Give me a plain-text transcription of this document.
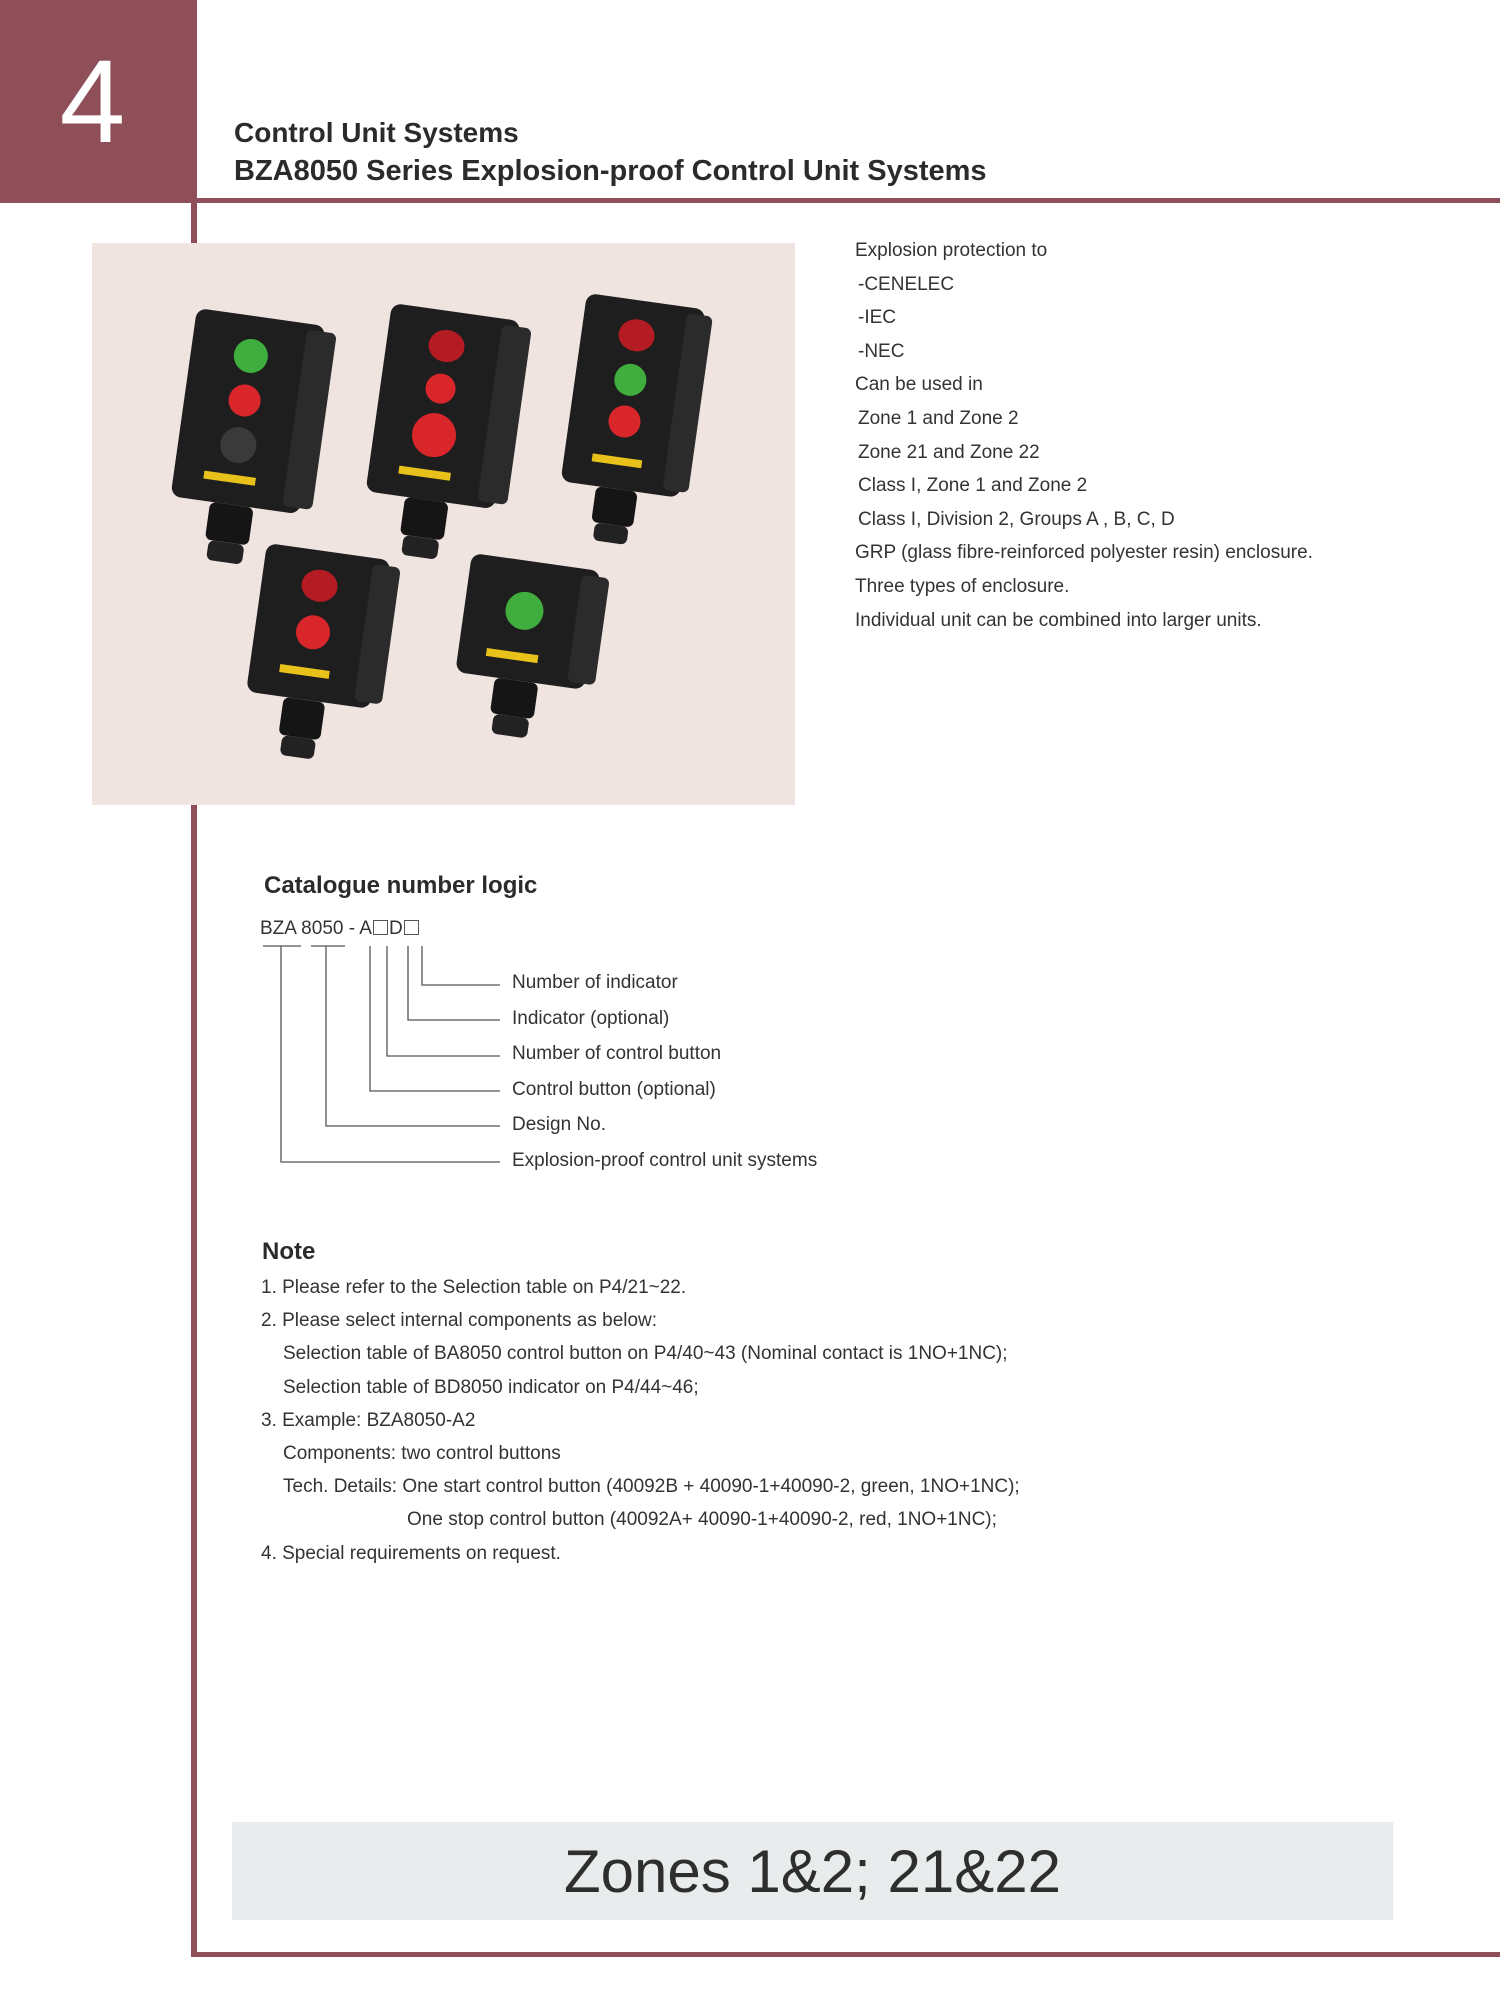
4	Control Unit Systems
BZA8050 Series Explosion-proof Control Unit Systems
Explosion protection to
-CENELEC
-IEC
-NEC
Can be used in
Zone 1 and Zone 2
Zone 21 and Zone 22
Class I, Zone 1 and Zone 2
Class I, Division 2, Groups A , B, C, D
GRP (glass fibre-reinforced polyester resin) enclosure.
Three types of enclosure.
Individual unit can be combined into larger units.
Catalogue number logic
BZA 8050 - A D
Number of indicator
Indicator (optional)
Number of control button
Control button (optional)
Design No.
Explosion-proof control unit systems
Note
1. Please refer to the Selection table on P4/21~22.
2. Please select internal components as below:
Selection table of BA8050 control button on P4/40~43 (Nominal contact is 1NO+1NC);
Selection table of BD8050 indicator on P4/44~46;
3. Example: BZA8050-A2
Components: two control buttons
Tech. Details: One start control button (40092B + 40090-1+40090-2, green, 1NO+1NC);
One stop control button (40092A+ 40090-1+40090-2, red, 1NO+1NC);
4. Special requirements on request.
Zones 1&2; 21&22
